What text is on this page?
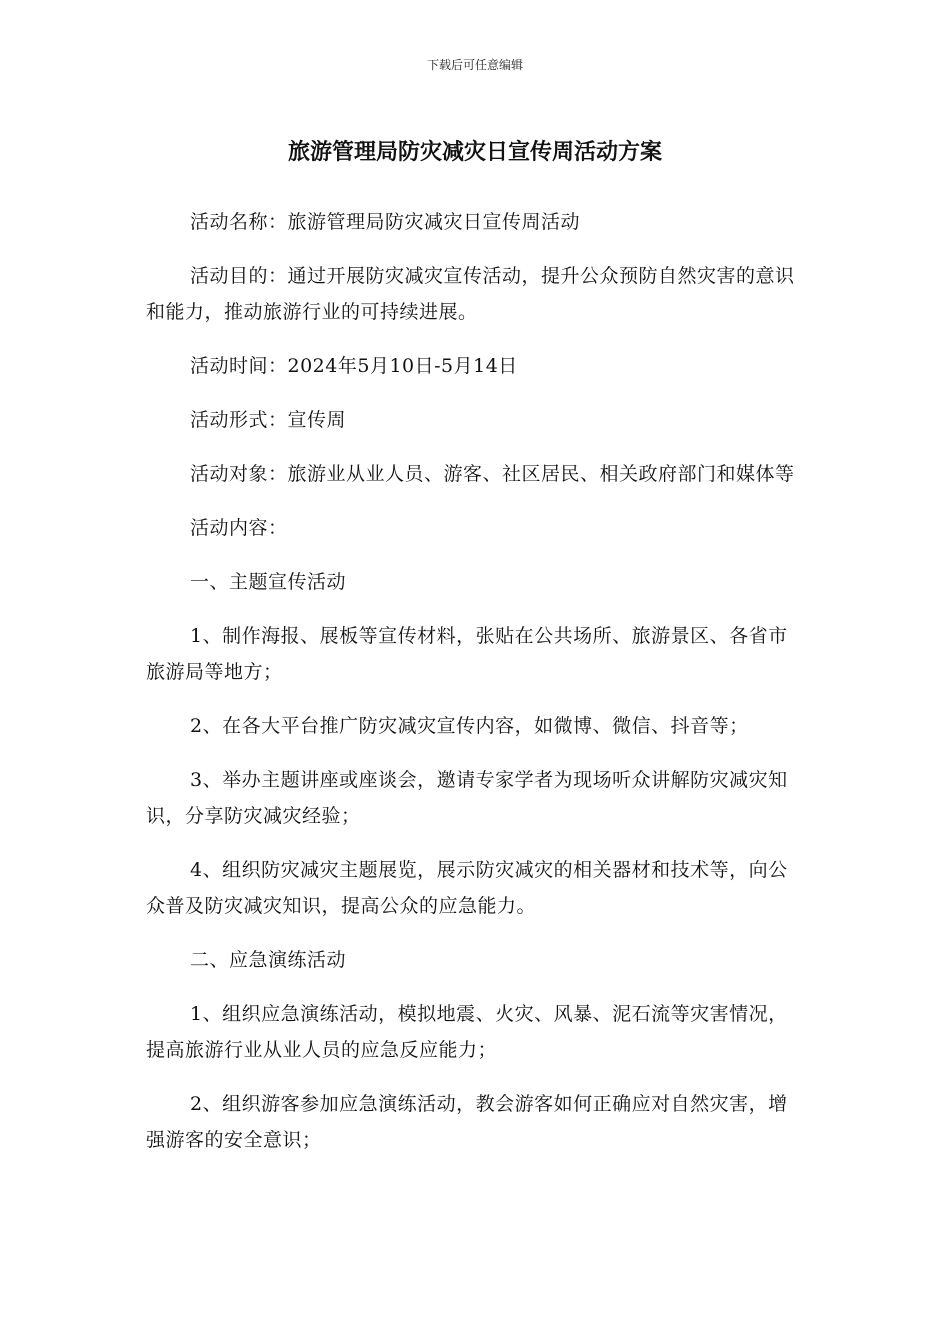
下载后可任意编辑
旅游管理局防灾减灾日宣传周活动方案

活动名称：旅游管理局防灾减灾日宣传周活动

活动目的：通过开展防灾减灾宣传活动，提升公众预防自然灾害的意识和能力，推动旅游行业的可持续进展。

活动时间：2024年5月10日-5月14日

活动形式：宣传周

活动对象：旅游业从业人员、游客、社区居民、相关政府部门和媒体等

活动内容：

一、主题宣传活动

1、制作海报、展板等宣传材料，张贴在公共场所、旅游景区、各省市旅游局等地方；

2、在各大平台推广防灾减灾宣传内容，如微博、微信、抖音等；

3、举办主题讲座或座谈会，邀请专家学者为现场听众讲解防灾减灾知识，分享防灾减灾经验；

4、组织防灾减灾主题展览，展示防灾减灾的相关器材和技术等，向公众普及防灾减灾知识，提高公众的应急能力。

二、应急演练活动

1、组织应急演练活动，模拟地震、火灾、风暴、泥石流等灾害情况，提高旅游行业从业人员的应急反应能力；

2、组织游客参加应急演练活动，教会游客如何正确应对自然灾害，增强游客的安全意识；
